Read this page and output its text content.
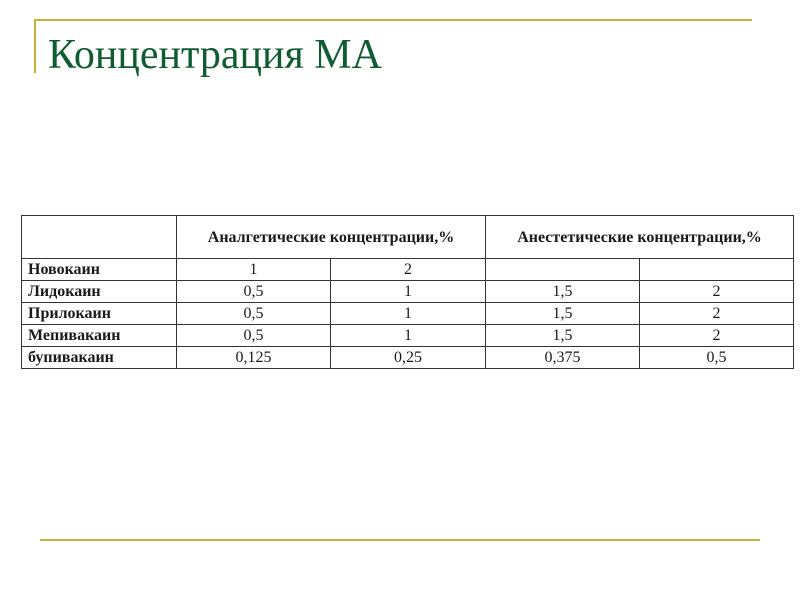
Концентрация МА
	Аналгетические концентрации,%		Анестетические концентрации,%	
Новокаин	1	2		
Лидокаин	0,5	1	1,5	2
Прилокаин	0,5	1	1,5	2
Мепивакаин	0,5	1	1,5	2
бупивакаин	0,125	0,25	0,375	0,5
